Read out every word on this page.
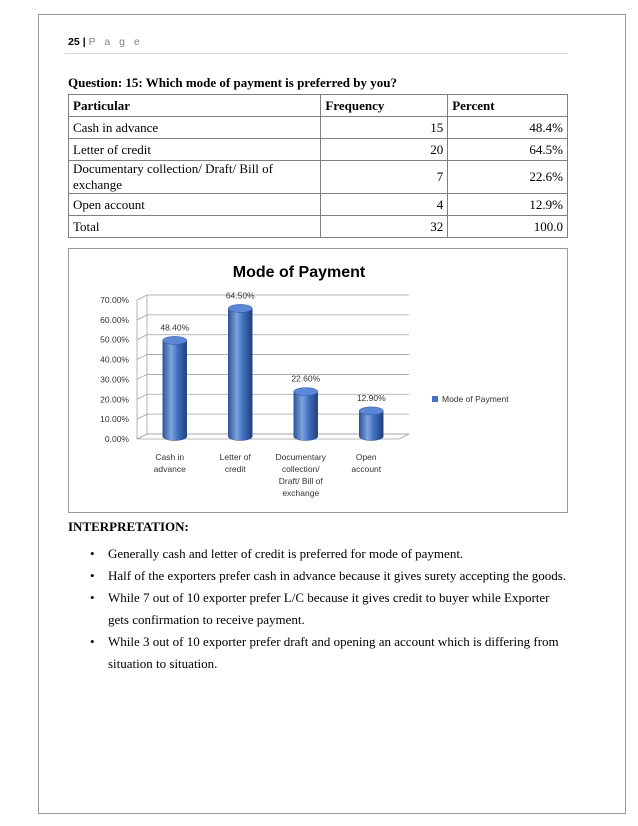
25 | P a g e
Question: 15: Which mode of payment is preferred by you?
Particular	Frequency	Percent
Cash in advance	15	48.4%
Letter of credit	20	64.5%
Documentary collection/ Draft/ Bill of exchange	7	22.6%
Open account	4	12.9%
Total	32	100.0
Mode of Payment
0.00%
10.00%
20.00%
30.00%
40.00%
50.00%
60.00%
70.00%
Cash in
advance
Letter of
credit
Documentary
collection/
Draft/ Bill of
exchange
Open
account
48.40%
64.50%
22.60%
12.90%	Mode of Payment
INTERPRETATION:
• Generally cash and letter of credit is preferred for mode of payment.
• Half of the exporters prefer cash in advance because it gives surety accepting the goods.
• While 7 out of 10 exporter prefer L/C because it gives credit to buyer while Exporter gets confirmation to receive payment.
• While 3 out of 10 exporter prefer draft and opening an account which is differing from situation to situation.
